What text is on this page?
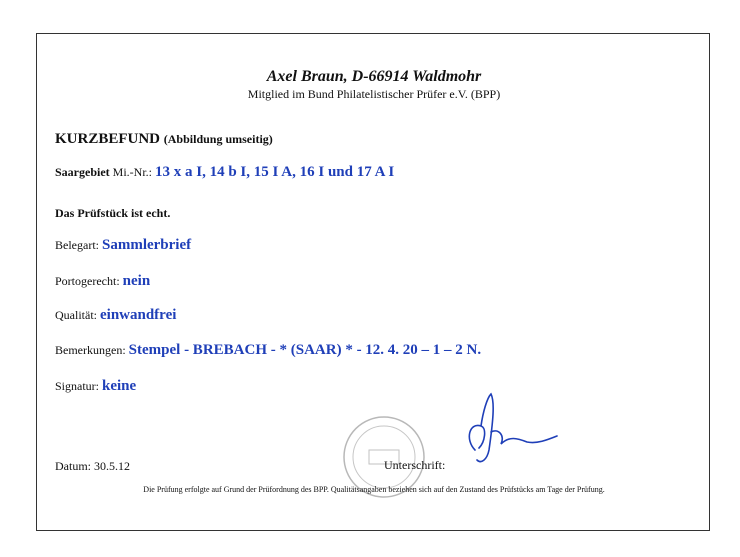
Axel Braun, D-66914 Waldmohr
Mitglied im Bund Philatelistischer Prüfer e.V. (BPP)
KURZBEFUND (Abbildung umseitig)
Saargebiet Mi.-Nr.: 13 x a I, 14 b I, 15 I A, 16 I und 17 A I
Das Prüfstück ist echt.
Belegart: Sammlerbrief
Portogerecht: nein
Qualität: einwandfrei
Bemerkungen: Stempel - BREBACH - * (SAAR) * - 12. 4. 20 – 1 – 2 N.
Signatur: keine
Datum: 30.5.12	Unterschrift:
Die Prüfung erfolgte auf Grund der Prüfordnung des BPP. Qualitätsangaben beziehen sich auf den Zustand des Prüfstücks am Tage der Prüfung.
